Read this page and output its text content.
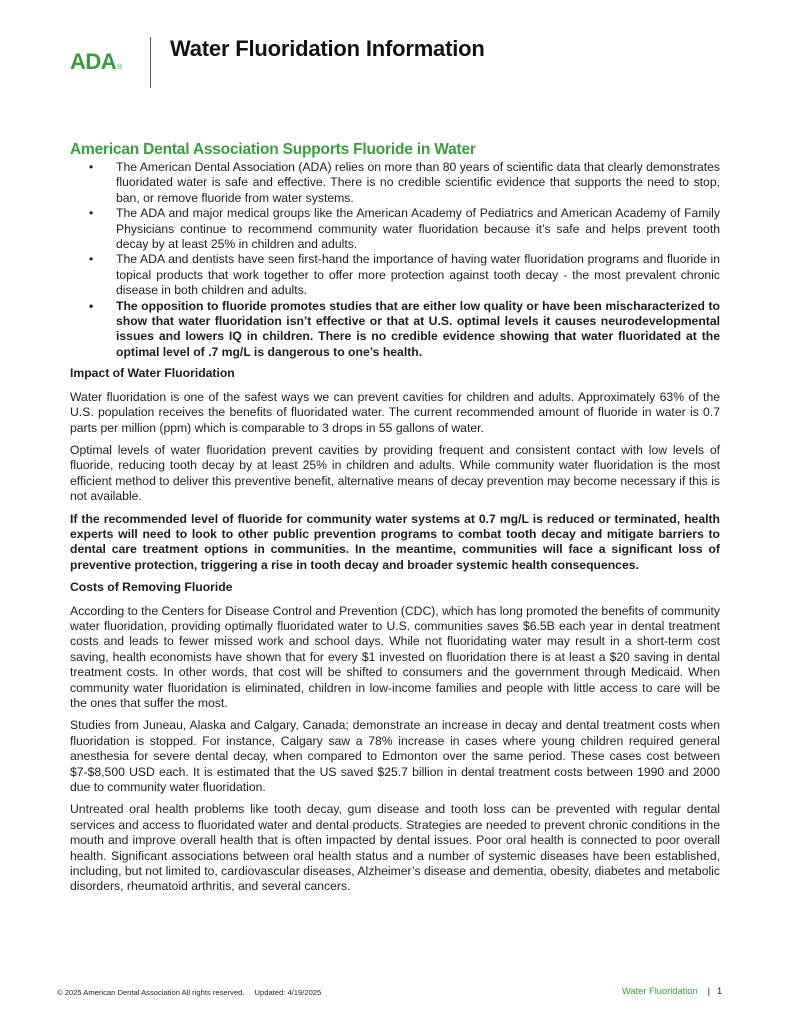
ADA®
Water Fluoridation Information
American Dental Association Supports Fluoride in Water
• The American Dental Association (ADA) relies on more than 80 years of scientific data that clearly demonstrates fluoridated water is safe and effective. There is no credible scientific evidence that supports the need to stop, ban, or remove fluoride from water systems.
• The ADA and major medical groups like the American Academy of Pediatrics and American Academy of Family Physicians continue to recommend community water fluoridation because it’s safe and helps prevent tooth decay by at least 25% in children and adults.
• The ADA and dentists have seen first-hand the importance of having water fluoridation programs and fluoride in topical products that work together to offer more protection against tooth decay - the most prevalent chronic disease in both children and adults.
• The opposition to fluoride promotes studies that are either low quality or have been mischaracterized to show that water fluoridation isn’t effective or that at U.S. optimal levels it causes neurodevelopmental issues and lowers IQ in children. There is no credible evidence showing that water fluoridated at the optimal level of .7 mg/L is dangerous to one’s health.
Impact of Water Fluoridation

Water fluoridation is one of the safest ways we can prevent cavities for children and adults. Approximately 63% of the U.S. population receives the benefits of fluoridated water. The current recommended amount of fluoride in water is 0.7 parts per million (ppm) which is comparable to 3 drops in 55 gallons of water.

Optimal levels of water fluoridation prevent cavities by providing frequent and consistent contact with low levels of fluoride, reducing tooth decay by at least 25% in children and adults. While community water fluoridation is the most efficient method to deliver this preventive benefit, alternative means of decay prevention may become necessary if this is not available.

If the recommended level of fluoride for community water systems at 0.7 mg/L is reduced or terminated, health experts will need to look to other public prevention programs to combat tooth decay and mitigate barriers to dental care treatment options in communities. In the meantime, communities will face a significant loss of preventive protection, triggering a rise in tooth decay and broader systemic health consequences.

Costs of Removing Fluoride

According to the Centers for Disease Control and Prevention (CDC), which has long promoted the benefits of community water fluoridation, providing optimally fluoridated water to U.S. communities saves $6.5B each year in dental treatment costs and leads to fewer missed work and school days. While not fluoridating water may result in a short-term cost saving, health economists have shown that for every $1 invested on fluoridation there is at least a $20 saving in dental treatment costs. In other words, that cost will be shifted to consumers and the government through Medicaid. When community water fluoridation is eliminated, children in low-income families and people with little access to care will be the ones that suffer the most.

Studies from Juneau, Alaska and Calgary, Canada; demonstrate an increase in decay and dental treatment costs when fluoridation is stopped. For instance, Calgary saw a 78% increase in cases where young children required general anesthesia for severe dental decay, when compared to Edmonton over the same period. These cases cost between $7-$8,500 USD each. It is estimated that the US saved $25.7 billion in dental treatment costs between 1990 and 2000 due to community water fluoridation.

Untreated oral health problems like tooth decay, gum disease and tooth loss can be prevented with regular dental services and access to fluoridated water and dental products. Strategies are needed to prevent chronic conditions in the mouth and improve overall health that is often impacted by dental issues. Poor oral health is connected to poor overall health. Significant associations between oral health status and a number of systemic diseases have been established, including, but not limited to, cardiovascular diseases, Alzheimer’s disease and dementia, obesity, diabetes and metabolic disorders, rheumatoid arthritis, and several cancers.

© 2025 American Dental Association All rights reserved. Updated: 4/19/2025	Water Fluoridation | 1
